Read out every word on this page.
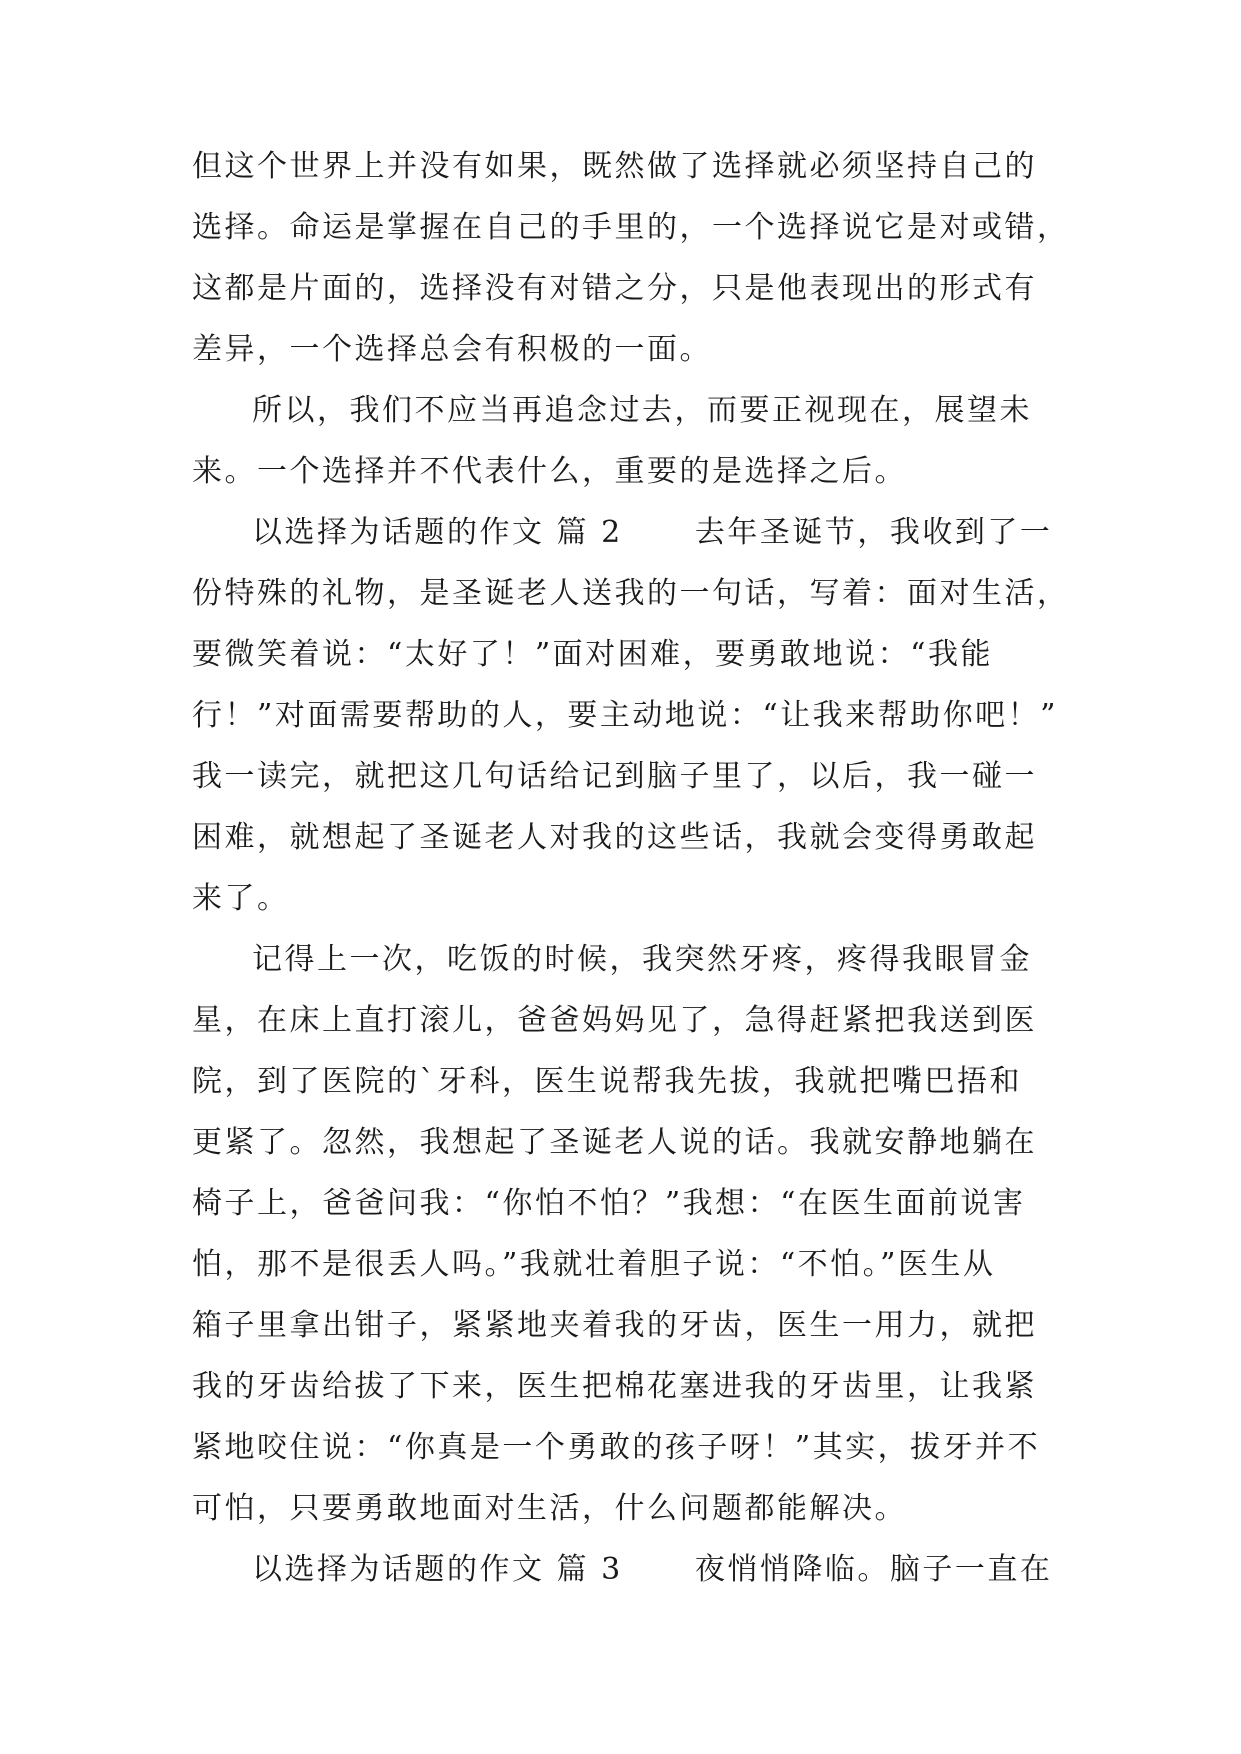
但这个世界上并没有如果，既然做了选择就必须坚持自己的
选择。命运是掌握在自己的手里的，一个选择说它是对或错，
这都是片面的，选择没有对错之分，只是他表现出的形式有
差异，一个选择总会有积极的一面。
所以，我们不应当再追念过去，而要正视现在，展望未
来。一个选择并不代表什么，重要的是选择之后。
以选择为话题的作文 篇 2      去年圣诞节，我收到了一
份特殊的礼物，是圣诞老人送我的一句话，写着：面对生活，
要微笑着说：“太好了！”面对困难，要勇敢地说：“我能
行！”对面需要帮助的人，要主动地说：“让我来帮助你吧！”
我一读完，就把这几句话给记到脑子里了，以后，我一碰一
困难，就想起了圣诞老人对我的这些话，我就会变得勇敢起
来了。
记得上一次，吃饭的时候，我突然牙疼，疼得我眼冒金
星，在床上直打滚儿，爸爸妈妈见了，急得赶紧把我送到医
院，到了医院的`牙科，医生说帮我先拔，我就把嘴巴捂和
更紧了。忽然，我想起了圣诞老人说的话。我就安静地躺在
椅子上，爸爸问我：“你怕不怕？”我想：“在医生面前说害
怕，那不是很丢人吗。”我就壮着胆子说：“不怕。”医生从
箱子里拿出钳子，紧紧地夹着我的牙齿，医生一用力，就把
我的牙齿给拔了下来，医生把棉花塞进我的牙齿里，让我紧
紧地咬住说：“你真是一个勇敢的孩子呀！”其实，拔牙并不
可怕，只要勇敢地面对生活，什么问题都能解决。
以选择为话题的作文 篇 3      夜悄悄降临。脑子一直在
